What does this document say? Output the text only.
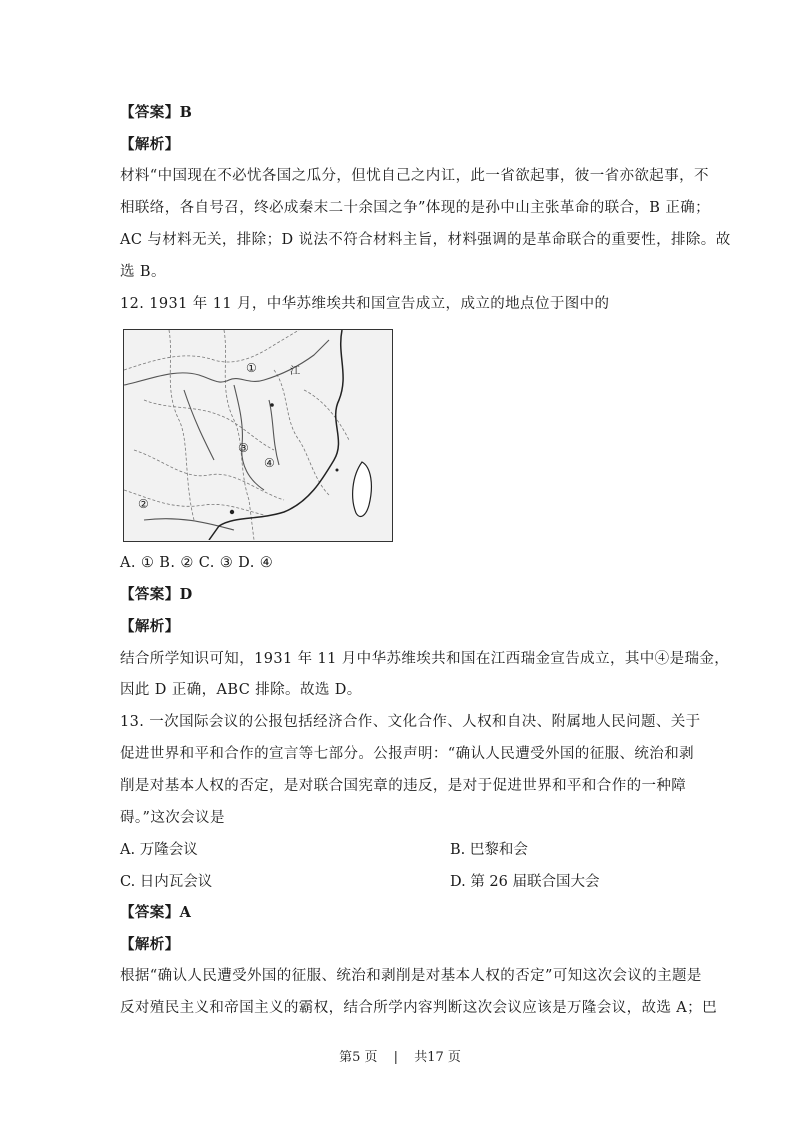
【答案】B
【解析】
材料“中国现在不必忧各国之瓜分，但忧自己之内讧，此一省欲起事，彼一省亦欲起事，不
相联络，各自号召，终必成秦末二十余国之争”体现的是孙中山主张革命的联合，B 正确；
AC 与材料无关，排除；D 说法不符合材料主旨，材料强调的是革命联合的重要性，排除。故
选 B。
12. 1931 年 11 月，中华苏维埃共和国宣告成立，成立的地点位于图中的
①
②
③
④
江
A. ① B. ② C. ③ D. ④
【答案】D
【解析】
结合所学知识可知，1931 年 11 月中华苏维埃共和国在江西瑞金宣告成立，其中④是瑞金，
因此 D 正确，ABC 排除。故选 D。
13. 一次国际会议的公报包括经济合作、文化合作、人权和自决、附属地人民问题、关于
促进世界和平和合作的宣言等七部分。公报声明：“确认人民遭受外国的征服、统治和剥
削是对基本人权的否定，是对联合国宪章的违反，是对于促进世界和平和合作的一种障
碍。”这次会议是
A. 万隆会议	B. 巴黎和会
C. 日内瓦会议	D. 第 26 届联合国大会
【答案】A
【解析】
根据“确认人民遭受外国的征服、统治和剥削是对基本人权的否定”可知这次会议的主题是
反对殖民主义和帝国主义的霸权，结合所学内容判断这次会议应该是万隆会议，故选 A；巴
第5 页 | 共17 页
